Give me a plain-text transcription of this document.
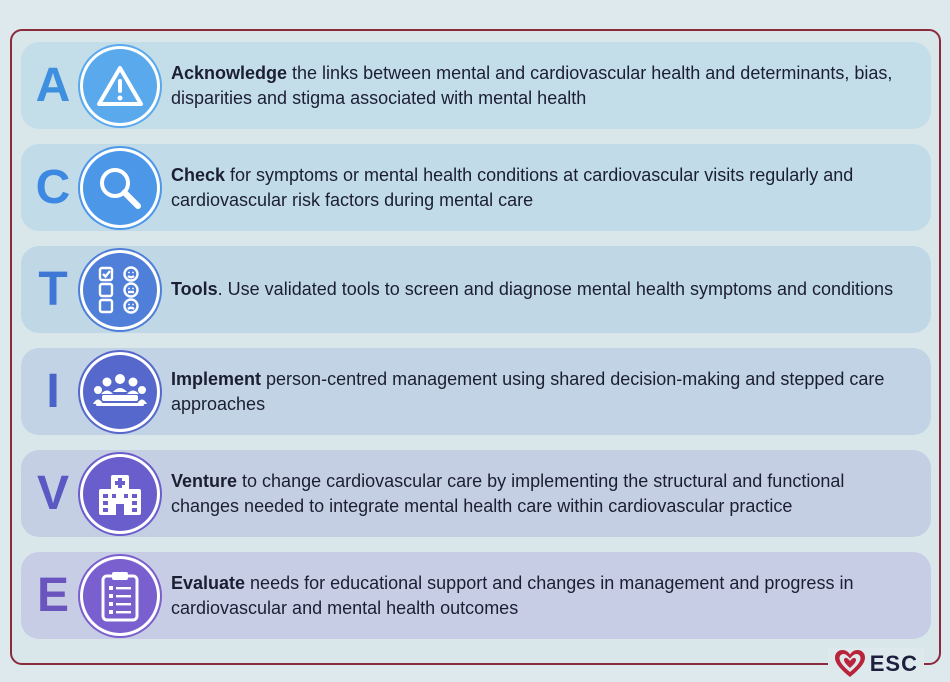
A	Acknowledge the links between mental and cardiovascular health and determinants, bias, disparities and stigma associated with mental health
C	Check for symptoms or mental health conditions at cardiovascular visits regularly and cardiovascular risk factors during mental care
T	Tools. Use validated tools to screen and diagnose mental health symptoms and conditions
I	Implement person-centred management using shared decision-making and stepped care approaches
V	Venture to change cardiovascular care by implementing the structural and functional changes needed to integrate mental health care within cardiovascular practice
E	Evaluate needs for educational support and changes in management and progress in cardiovascular and mental health outcomes
ESC
